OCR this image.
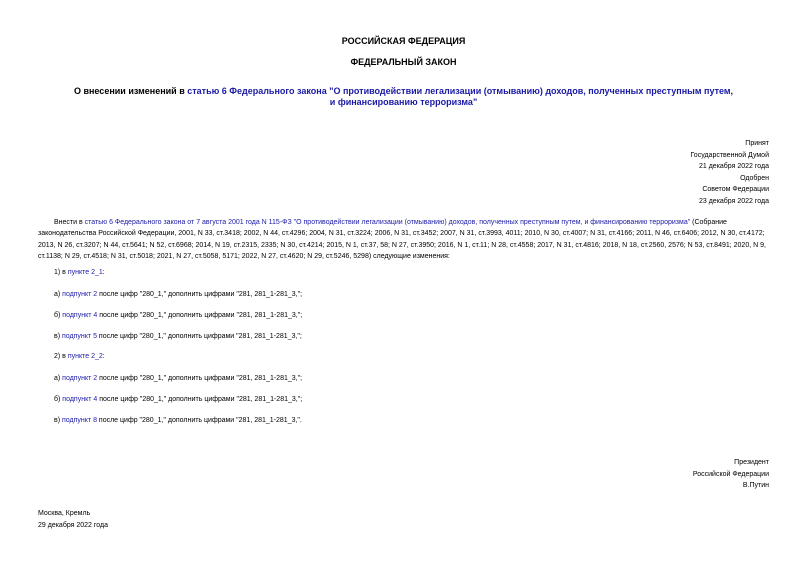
РОССИЙСКАЯ ФЕДЕРАЦИЯ
ФЕДЕРАЛЬНЫЙ ЗАКОН
О внесении изменений в статью 6 Федерального закона "О противодействии легализации (отмыванию) доходов, полученных преступным путем, и финансированию терроризма"
Принят
Государственной Думой
21 декабря 2022 года
Одобрен
Советом Федерации
23 декабря 2022 года
Внести в статью 6 Федерального закона от 7 августа 2001 года N 115-ФЗ "О противодействии легализации (отмыванию) доходов, полученных преступным путем, и финансированию терроризма" (Собрание законодательства Российской Федерации, 2001, N 33, ст.3418; 2002, N 44, ст.4296; 2004, N 31, ст.3224; 2006, N 31, ст.3452; 2007, N 31, ст.3993, 4011; 2010, N 30, ст.4007; N 31, ст.4166; 2011, N 46, ст.6406; 2012, N 30, ст.4172; 2013, N 26, ст.3207; N 44, ст.5641; N 52, ст.6968; 2014, N 19, ст.2315, 2335; N 30, ст.4214; 2015, N 1, ст.37, 58; N 27, ст.3950; 2016, N 1, ст.11; N 28, ст.4558; 2017, N 31, ст.4816; 2018, N 18, ст.2560, 2576; N 53, ст.8491; 2020, N 9, ст.1138; N 29, ст.4518; N 31, ст.5018; 2021, N 27, ст.5058, 5171; 2022, N 27, ст.4620; N 29, ст.5246, 5298) следующие изменения:
1) в пункте 2_1:
а) подпункт 2 после цифр "280_1," дополнить цифрами "281, 281_1-281_3,";
б) подпункт 4 после цифр "280_1," дополнить цифрами "281, 281_1-281_3,";
в) подпункт 5 после цифр "280_1," дополнить цифрами "281, 281_1-281_3,";
2) в пункте 2_2:
а) подпункт 2 после цифр "280_1," дополнить цифрами "281, 281_1-281_3,";
б) подпункт 4 после цифр "280_1," дополнить цифрами "281, 281_1-281_3,";
в) подпункт 8 после цифр "280_1," дополнить цифрами "281, 281_1-281_3,".
Президент
Российской Федерации
В.Путин
Москва, Кремль
29 декабря 2022 года
